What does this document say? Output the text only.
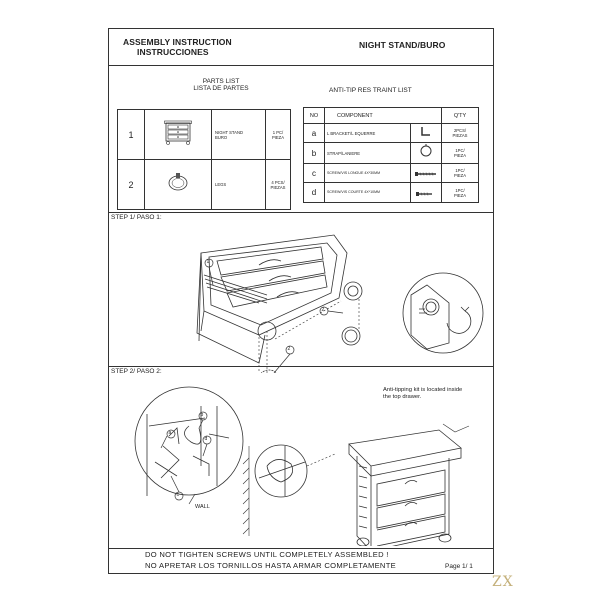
ASSEMBLY INSTRUCTION
INSTRUCCIONES
NIGHT STAND/BURO
PARTS LIST
LISTA DE PARTES
1		NIGHT STAND
BURO	1 PC/
PIEZA
2		LEGS	4 PCS/
PIEZAS
ANTI-TIP RES TRAINT LIST
NO	COMPONENT		Q'TY
a	L BRACKET/L EQUERRE		2PCS/
PIEZAS
b	STRAP/LANIERE		1PC/
PIEZA
c	SCREW/VIS LONGUE 4X*30MM		1PC/
PIEZA
d	SCREW/VIS COURTE 4X*10MM		1PC/
PIEZA
STEP 1/ PASO 1:
1
2
2
STEP 2/ PASO 2:
Anti-tipping kit is located inside
the top drawer.
a
b
d
c
WALL
DO NOT TIGHTEN SCREWS UNTIL COMPLETELY ASSEMBLED !
NO APRETAR LOS TORNILLOS HASTA ARMAR COMPLETAMENTE	Page 1/ 1
ZX
